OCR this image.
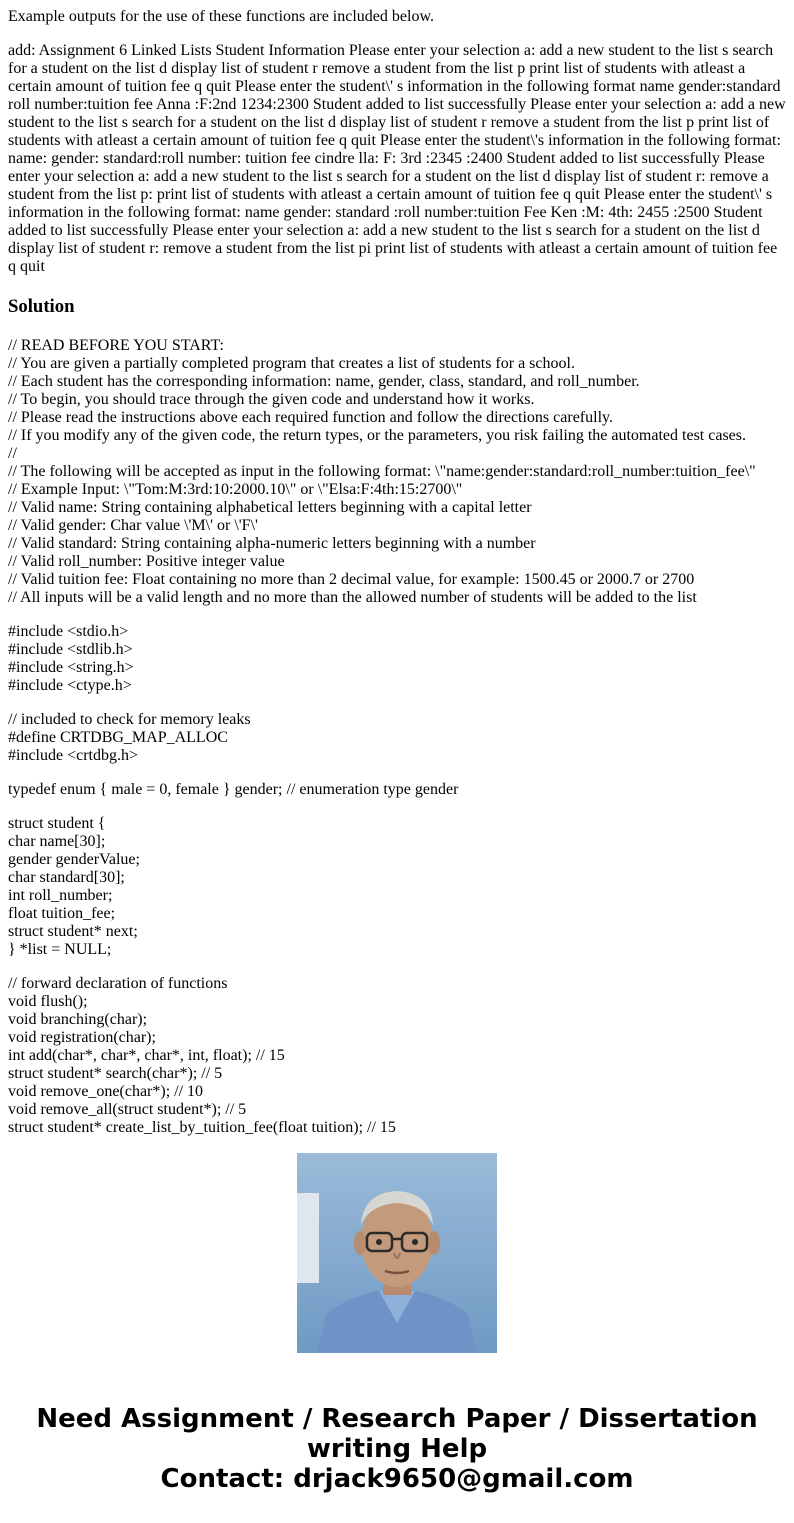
Example outputs for the use of these functions are included below.

add: Assignment 6 Linked Lists Student Information Please enter your selection a: add a new student to the list s search for a student on the list d display list of student r remove a student from the list p print list of students with atleast a certain amount of tuition fee q quit Please enter the student\' s information in the following format name gender:standard roll number:tuition fee Anna :F:2nd 1234:2300 Student added to list successfully Please enter your selection a: add a new student to the list s search for a student on the list d display list of student r remove a student from the list p print list of students with atleast a certain amount of tuition fee q quit Please enter the student\'s information in the following format: name: gender: standard:roll number: tuition fee cindre lla: F: 3rd :2345 :2400 Student added to list successfully Please enter your selection a: add a new student to the list s search for a student on the list d display list of student r: remove a student from the list p: print list of students with atleast a certain amount of tuition fee q quit Please enter the student\' s information in the following format: name gender: standard :roll number:tuition Fee Ken :M: 4th: 2455 :2500 Student added to list successfully Please enter your selection a: add a new student to the list s search for a student on the list d display list of student r: remove a student from the list pi print list of students with atleast a certain amount of tuition fee q quit

Solution
// READ BEFORE YOU START:
// You are given a partially completed program that creates a list of students for a school.
// Each student has the corresponding information: name, gender, class, standard, and roll_number.
// To begin, you should trace through the given code and understand how it works.
// Please read the instructions above each required function and follow the directions carefully.
// If you modify any of the given code, the return types, or the parameters, you risk failing the automated test cases.
//
// The following will be accepted as input in the following format: \"name:gender:standard:roll_number:tuition_fee\"
// Example Input: \"Tom:M:3rd:10:2000.10\" or \"Elsa:F:4th:15:2700\"
// Valid name: String containing alphabetical letters beginning with a capital letter
// Valid gender: Char value \'M\' or \'F\'
// Valid standard: String containing alpha-numeric letters beginning with a number
// Valid roll_number: Positive integer value
// Valid tuition fee: Float containing no more than 2 decimal value, for example: 1500.45 or 2000.7 or 2700
// All inputs will be a valid length and no more than the allowed number of students will be added to the list
#include <stdio.h>
#include <stdlib.h>
#include <string.h>
#include <ctype.h>
// included to check for memory leaks
#define CRTDBG_MAP_ALLOC
#include <crtdbg.h>
typedef enum { male = 0, female } gender; // enumeration type gender
struct student {
char name[30];
gender genderValue;
char standard[30];
int roll_number;
float tuition_fee;
struct student* next;
} *list = NULL;
// forward declaration of functions
void flush();
void branching(char);
void registration(char);
int add(char*, char*, char*, int, float); // 15
struct student* search(char*); // 5
void remove_one(char*); // 10
void remove_all(struct student*); // 5
struct student* create_list_by_tuition_fee(float tuition); // 15
Need Assignment / Research Paper / Dissertation
writing Help
Contact: drjack9650@gmail.com
